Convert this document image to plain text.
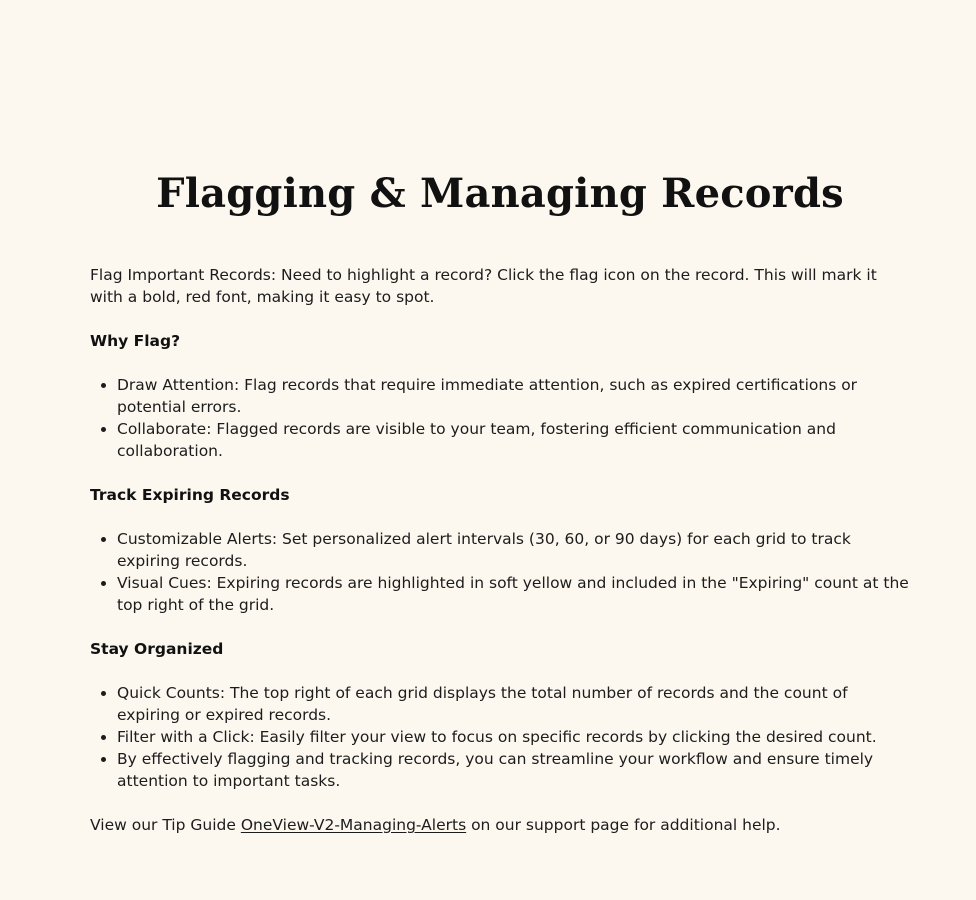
Flagging & Managing Records

Flag Important Records: Need to highlight a record? Click the flag icon on the record. This will mark it with a bold, red font, making it easy to spot.

Why Flag?
• Draw Attention: Flag records that require immediate attention, such as expired certifications or potential errors.
• Collaborate: Flagged records are visible to your team, fostering efficient communication and collaboration.
Track Expiring Records
• Customizable Alerts: Set personalized alert intervals (30, 60, or 90 days) for each grid to track expiring records.
• Visual Cues: Expiring records are highlighted in soft yellow and included in the "Expiring" count at the top right of the grid.
Stay Organized
• Quick Counts: The top right of each grid displays the total number of records and the count of expiring or expired records.
• Filter with a Click: Easily filter your view to focus on specific records by clicking the desired count.
• By effectively flagging and tracking records, you can streamline your workflow and ensure timely attention to important tasks.

View our Tip Guide OneView-V2-Managing-Alerts on our support page for additional help.
